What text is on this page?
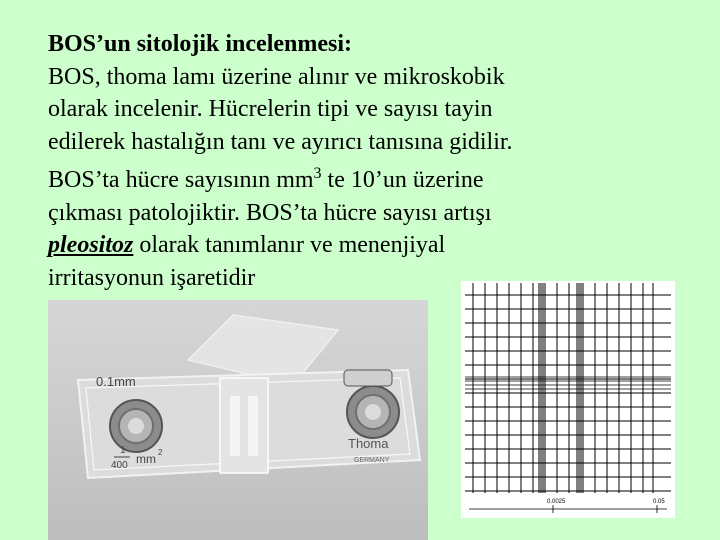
BOS’un sitolojik incelenmesi:
BOS, thoma lamı üzerine alınır ve mikroskobik
olarak incelenir. Hücrelerin tipi ve sayısı tayin
edilerek hastalığın tanı ve ayırıcı tanısına gidilir.
BOS’ta hücre sayısının $mm^3$ te 10’un üzerine
çıkması patolojiktir. BOS’ta hücre sayısı artışı
pleositoz olarak tanımlanır ve menenjiyal
irritasyonun işaretidir
0.1mm
1
400 mm 2
Thoma
GERMANY
0.0025	0.05
